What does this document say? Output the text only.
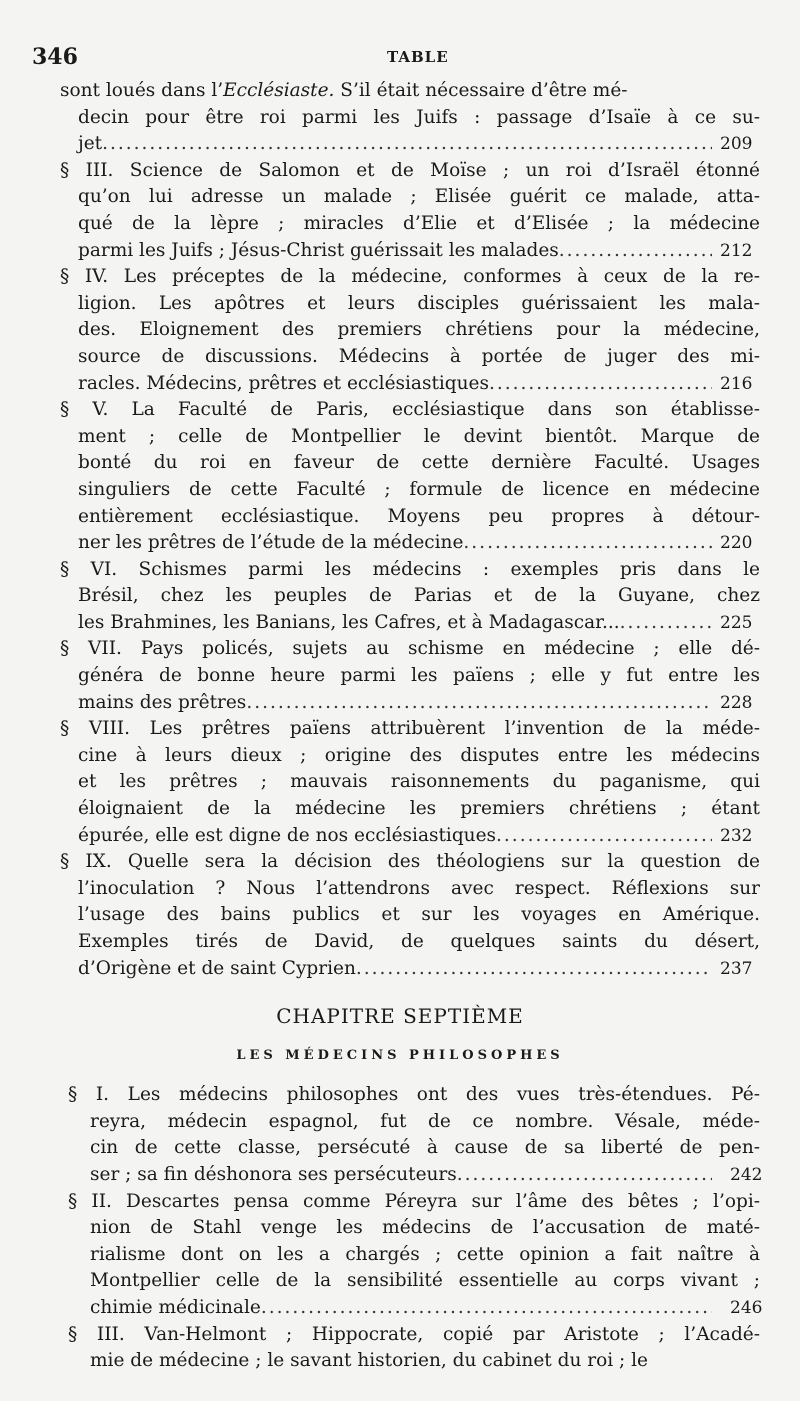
346	TABLE
sont loués dans l’Ecclésiaste. S’il était nécessaire d’être mé-
decin pour être roi parmi les Juifs : passage d’Isaïe à ce su-
jet .....	209
§ III. Science de Salomon et de Moïse ; un roi d’Israël étonné
qu’on lui adresse un malade ; Elisée guérit ce malade, atta-
qué de la lèpre ; miracles d’Elie et d’Elisée ; la médecine
parmi les Juifs ; Jésus-Christ guérissait les malades .....	212
§ IV. Les préceptes de la médecine, conformes à ceux de la re-
ligion. Les apôtres et leurs disciples guérissaient les mala-
des. Eloignement des premiers chrétiens pour la médecine,
source de discussions. Médecins à portée de juger des mi-
racles. Médecins, prêtres et ecclésiastiques .....	216
§ V. La Faculté de Paris, ecclésiastique dans son établisse-
ment ; celle de Montpellier le devint bientôt. Marque de
bonté du roi en faveur de cette dernière Faculté. Usages
singuliers de cette Faculté ; formule de licence en médecine
entièrement ecclésiastique. Moyens peu propres à détour-
ner les prêtres de l’étude de la médecine .....	220
§ VI. Schismes parmi les médecins : exemples pris dans le
Brésil, chez les peuples de Parias et de la Guyane, chez
les Brahmines, les Banians, les Cafres, et à Madagascar... .....	225
§ VII. Pays policés, sujets au schisme en médecine ; elle dé-
généra de bonne heure parmi les païens ; elle y fut entre les
mains des prêtres .....	228
§ VIII. Les prêtres païens attribuèrent l’invention de la méde-
cine à leurs dieux ; origine des disputes entre les médecins
et les prêtres ; mauvais raisonnements du paganisme, qui
éloignaient de la médecine les premiers chrétiens ; étant
épurée, elle est digne de nos ecclésiastiques .....	232
§ IX. Quelle sera la décision des théologiens sur la question de
l’inoculation ? Nous l’attendrons avec respect. Réflexions sur
l’usage des bains publics et sur les voyages en Amérique.
Exemples tirés de David, de quelques saints du désert,
d’Origène et de saint Cyprien .....	237
CHAPITRE SEPTIÈME
LES MÉDECINS PHILOSOPHES
§ I. Les médecins philosophes ont des vues très-étendues. Pé-
reyra, médecin espagnol, fut de ce nombre. Vésale, méde-
cin de cette classe, persécuté à cause de sa liberté de pen-
ser ; sa fin déshonora ses persécuteurs .....	242
§ II. Descartes pensa comme Péreyra sur l’âme des bêtes ; l’opi-
nion de Stahl venge les médecins de l’accusation de maté-
rialisme dont on les a chargés ; cette opinion a fait naître à
Montpellier celle de la sensibilité essentielle au corps vivant ;
chimie médicinale .....	246
§ III. Van-Helmont ; Hippocrate, copié par Aristote ; l’Acadé-
mie de médecine ; le savant historien, du cabinet du roi ; le
